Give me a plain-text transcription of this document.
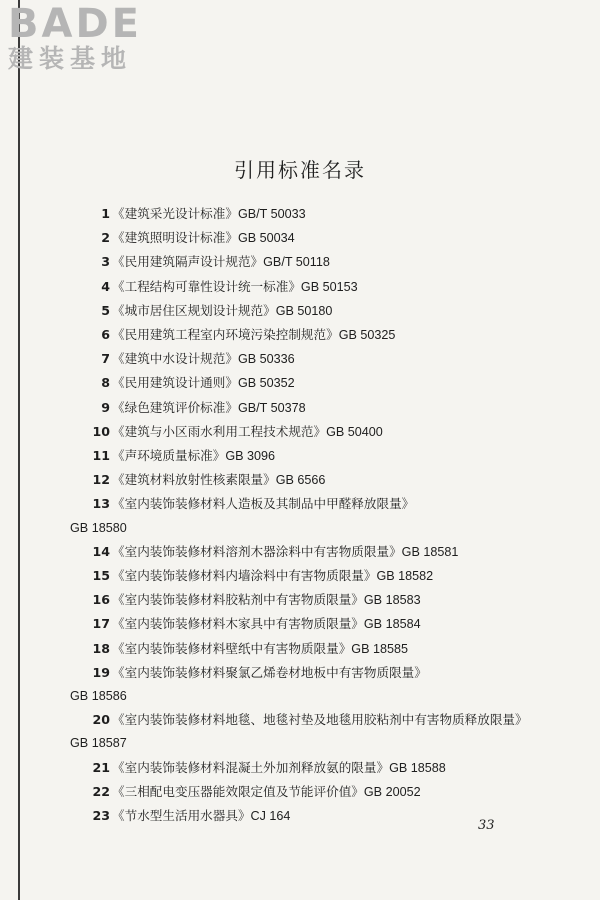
BADE
建装基地
引用标准名录
1 《建筑采光设计标准》GB/T 50033
2 《建筑照明设计标准》GB 50034
3 《民用建筑隔声设计规范》GB/T 50118
4 《工程结构可靠性设计统一标准》GB 50153
5 《城市居住区规划设计规范》GB 50180
6 《民用建筑工程室内环境污染控制规范》GB 50325
7 《建筑中水设计规范》GB 50336
8 《民用建筑设计通则》GB 50352
9 《绿色建筑评价标准》GB/T 50378
10 《建筑与小区雨水利用工程技术规范》GB 50400
11 《声环境质量标准》GB 3096
12 《建筑材料放射性核素限量》GB 6566
13 《室内装饰装修材料人造板及其制品中甲醛释放限量》
GB 18580
14 《室内装饰装修材料溶剂木器涂料中有害物质限量》GB 18581
15 《室内装饰装修材料内墙涂料中有害物质限量》GB 18582
16 《室内装饰装修材料胶粘剂中有害物质限量》GB 18583
17 《室内装饰装修材料木家具中有害物质限量》GB 18584
18 《室内装饰装修材料壁纸中有害物质限量》GB 18585
19 《室内装饰装修材料聚氯乙烯卷材地板中有害物质限量》
GB 18586
20 《室内装饰装修材料地毯、地毯衬垫及地毯用胶粘剂中有害物质释放限量》GB 18587
21 《室内装饰装修材料混凝土外加剂释放氨的限量》GB 18588
22 《三相配电变压器能效限定值及节能评价值》GB 20052
23 《节水型生活用水器具》CJ 164
33
